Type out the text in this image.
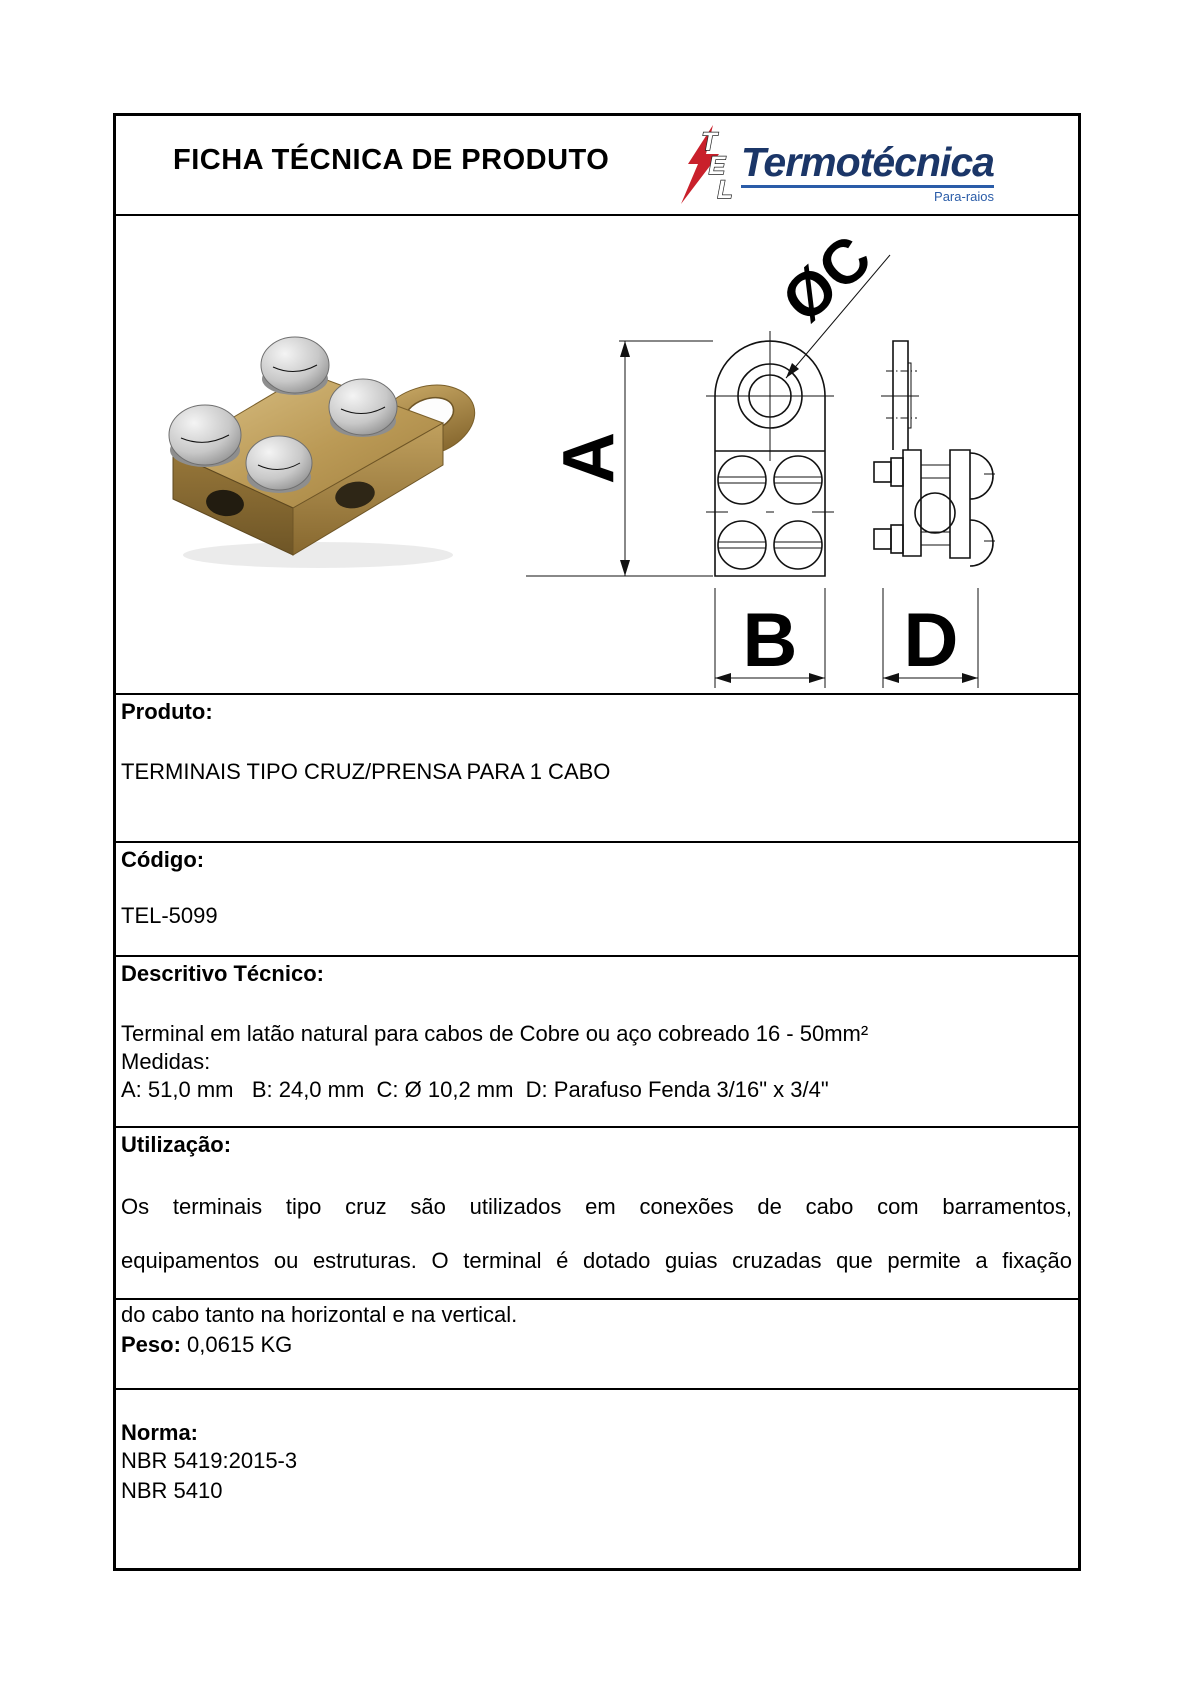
FICHA TÉCNICA DE PRODUTO
T
E
L
Termotécnica
Para-raios
A
ØC
B D
Produto:
TERMINAIS TIPO CRUZ/PRENSA PARA 1 CABO
Código:
TEL-5099
Descritivo Técnico:
Terminal em latão natural para cabos de Cobre ou aço cobreado 16 - 50mm²
Medidas:
A: 51,0 mm   B: 24,0 mm  C: Ø 10,2 mm  D: Parafuso Fenda 3/16" x 3/4"
Utilização:
Os terminais tipo cruz são utilizados em conexões de cabo com barramentos,
equipamentos ou estruturas. O terminal é dotado guias cruzadas que permite a fixação
do cabo tanto na horizontal e na vertical.
Peso: 0,0615 KG
Norma:
NBR 5419:2015-3
NBR 5410
